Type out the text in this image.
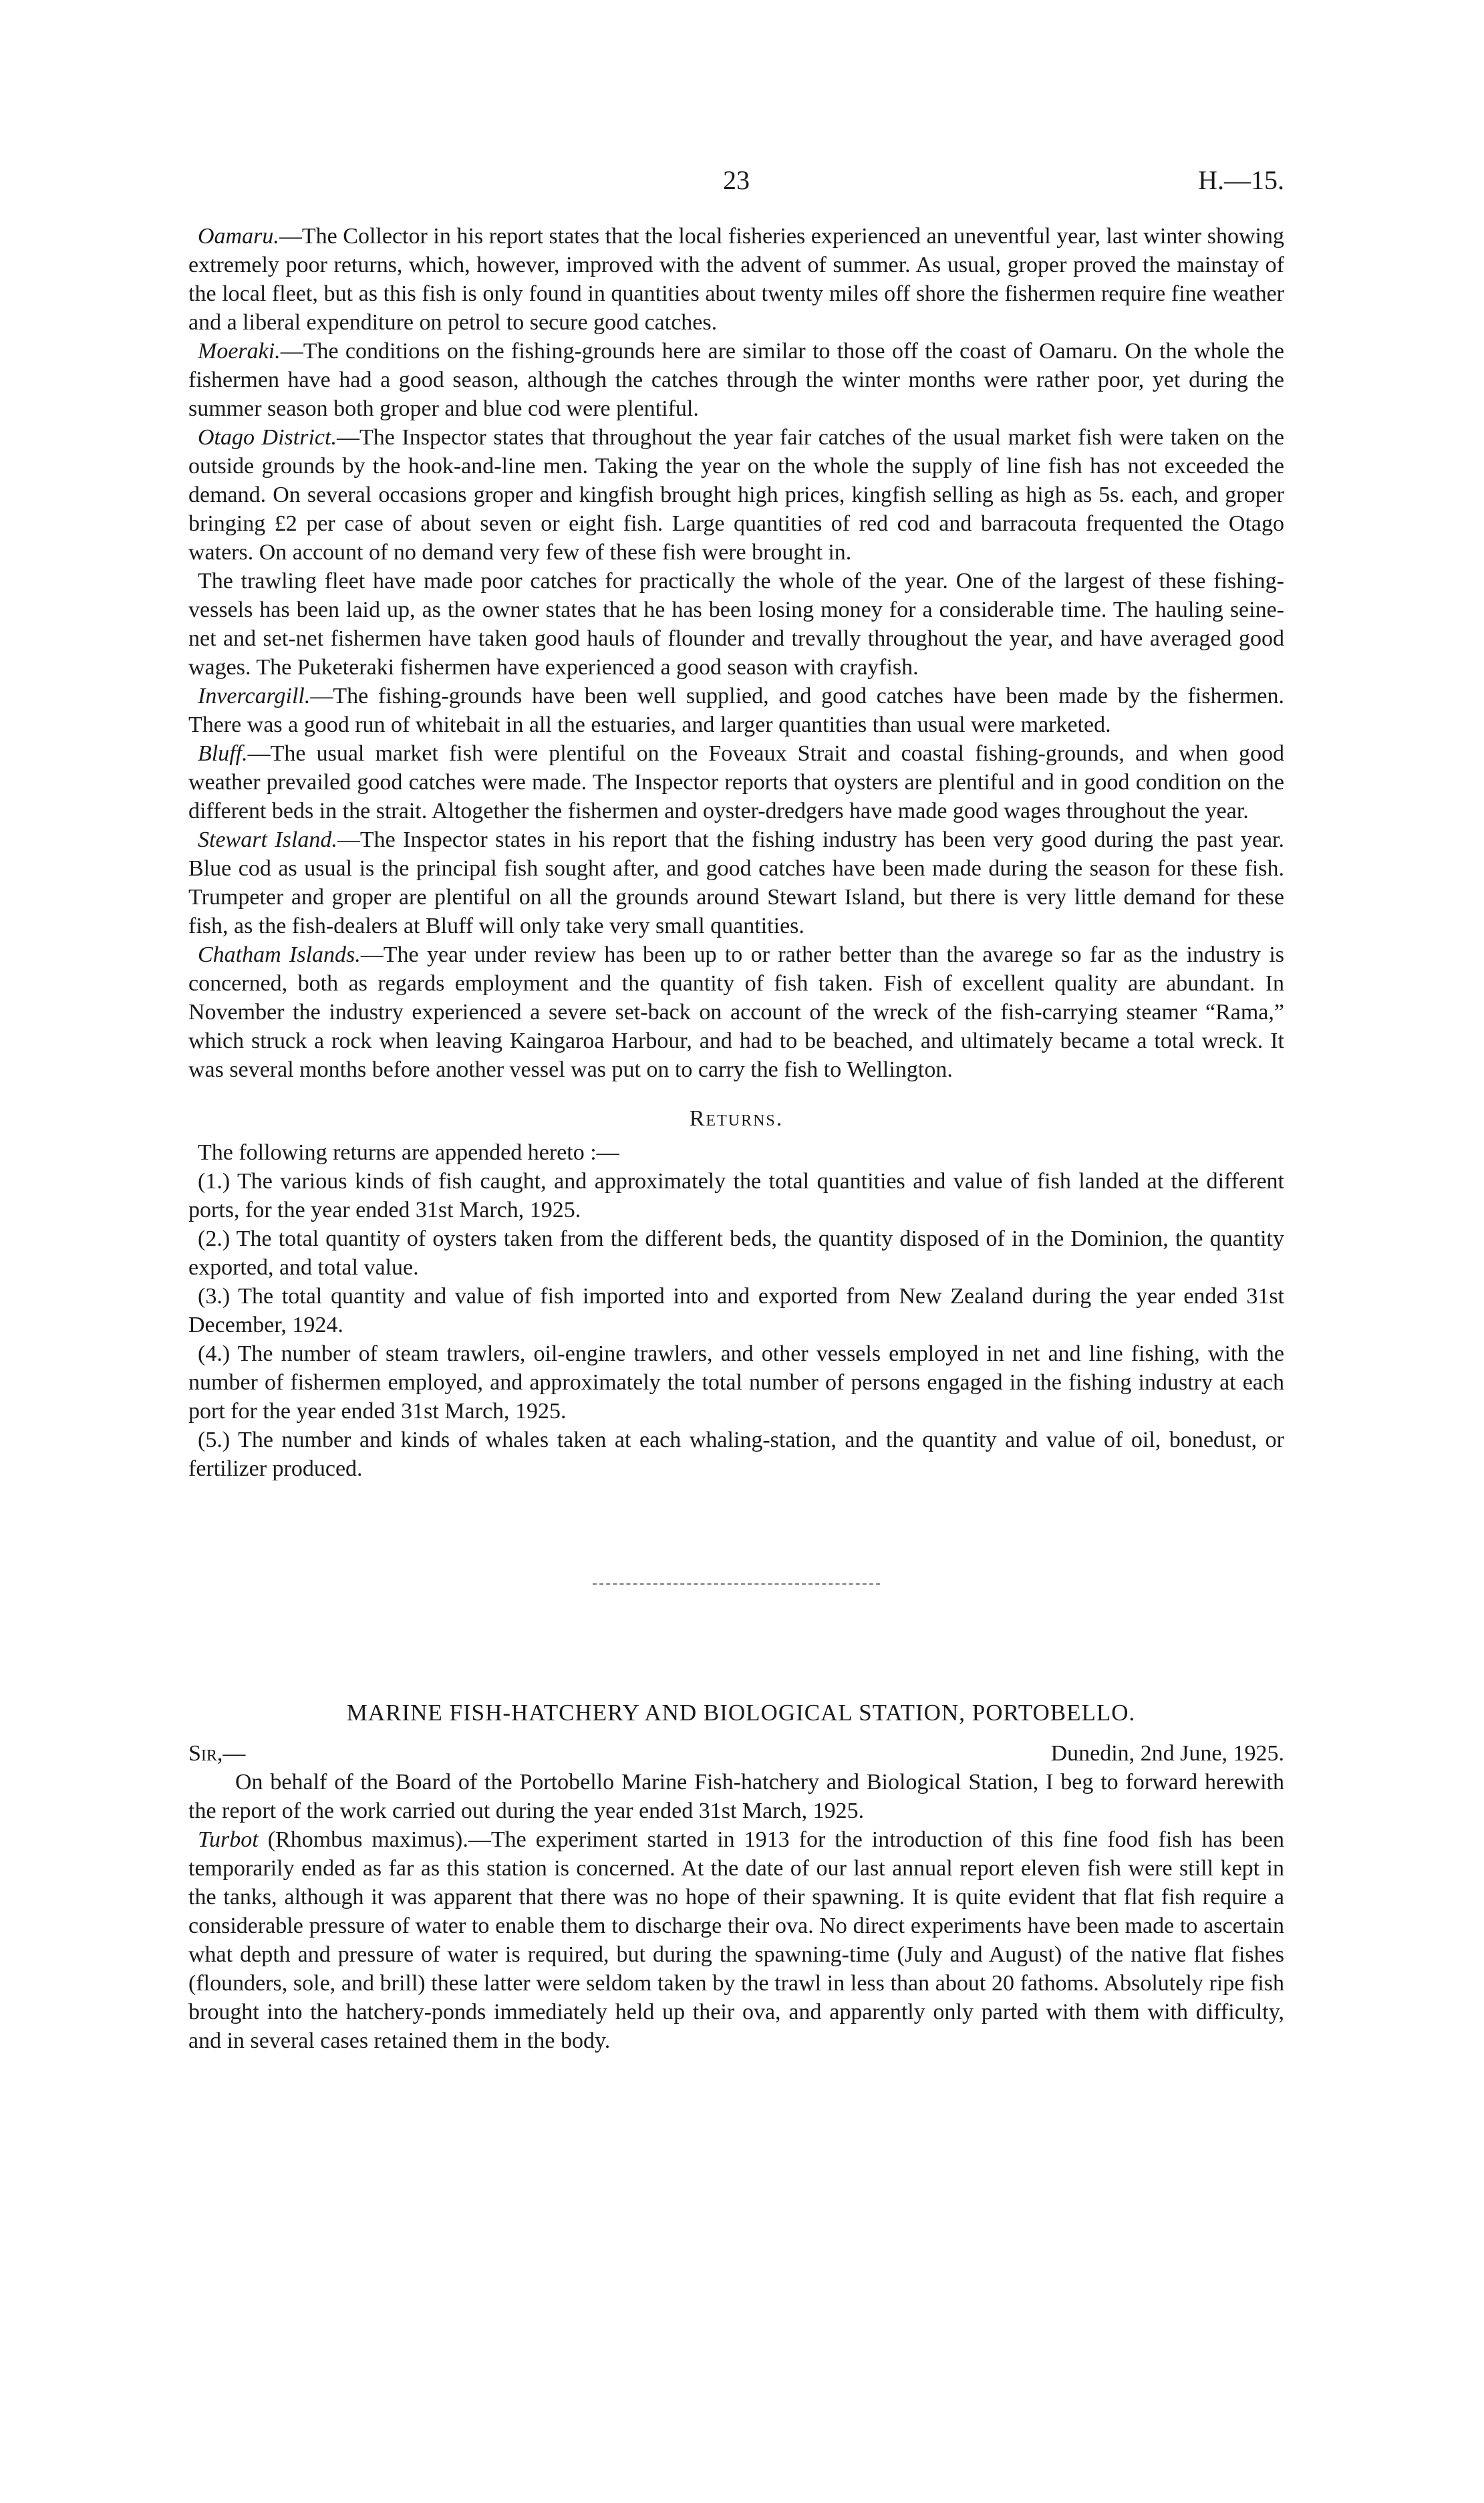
23	H.—15.

Oamaru.—The Collector in his report states that the local fisheries experienced an uneventful year, last winter showing extremely poor returns, which, however, improved with the advent of summer. As usual, groper proved the mainstay of the local fleet, but as this fish is only found in quantities about twenty miles off shore the fishermen require fine weather and a liberal expenditure on petrol to secure good catches.

Moeraki.—The conditions on the fishing-grounds here are similar to those off the coast of Oamaru. On the whole the fishermen have had a good season, although the catches through the winter months were rather poor, yet during the summer season both groper and blue cod were plentiful.

Otago District.—The Inspector states that throughout the year fair catches of the usual market fish were taken on the outside grounds by the hook-and-line men. Taking the year on the whole the supply of line fish has not exceeded the demand. On several occasions groper and kingfish brought high prices, kingfish selling as high as 5s. each, and groper bringing £2 per case of about seven or eight fish. Large quantities of red cod and barracouta frequented the Otago waters. On account of no demand very few of these fish were brought in.

The trawling fleet have made poor catches for practically the whole of the year. One of the largest of these fishing-vessels has been laid up, as the owner states that he has been losing money for a considerable time. The hauling seine-net and set-net fishermen have taken good hauls of flounder and trevally throughout the year, and have averaged good wages. The Puketeraki fishermen have experienced a good season with crayfish.

Invercargill.—The fishing-grounds have been well supplied, and good catches have been made by the fishermen. There was a good run of whitebait in all the estuaries, and larger quantities than usual were marketed.

Bluff.—The usual market fish were plentiful on the Foveaux Strait and coastal fishing-grounds, and when good weather prevailed good catches were made. The Inspector reports that oysters are plentiful and in good condition on the different beds in the strait. Altogether the fishermen and oyster-dredgers have made good wages throughout the year.

Stewart Island.—The Inspector states in his report that the fishing industry has been very good during the past year. Blue cod as usual is the principal fish sought after, and good catches have been made during the season for these fish. Trumpeter and groper are plentiful on all the grounds around Stewart Island, but there is very little demand for these fish, as the fish-dealers at Bluff will only take very small quantities.

Chatham Islands.—The year under review has been up to or rather better than the avarege so far as the industry is concerned, both as regards employment and the quantity of fish taken. Fish of excellent quality are abundant. In November the industry experienced a severe set-back on account of the wreck of the fish-carrying steamer “Rama,” which struck a rock when leaving Kaingaroa Harbour, and had to be beached, and ultimately became a total wreck. It was several months before another vessel was put on to carry the fish to Wellington.

Returns.

The following returns are appended hereto :—

(1.) The various kinds of fish caught, and approximately the total quantities and value of fish landed at the different ports, for the year ended 31st March, 1925.

(2.) The total quantity of oysters taken from the different beds, the quantity disposed of in the Dominion, the quantity exported, and total value.

(3.) The total quantity and value of fish imported into and exported from New Zealand during the year ended 31st December, 1924.

(4.) The number of steam trawlers, oil-engine trawlers, and other vessels employed in net and line fishing, with the number of fishermen employed, and approximately the total number of persons engaged in the fishing industry at each port for the year ended 31st March, 1925.

(5.) The number and kinds of whales taken at each whaling-station, and the quantity and value of oil, bonedust, or fertilizer produced.

MARINE FISH-HATCHERY AND BIOLOGICAL STATION, PORTOBELLO.

Sir,—	Dunedin, 2nd June, 1925.

On behalf of the Board of the Portobello Marine Fish-hatchery and Biological Station, I beg to forward herewith the report of the work carried out during the year ended 31st March, 1925.

Turbot (Rhombus maximus).—The experiment started in 1913 for the introduction of this fine food fish has been temporarily ended as far as this station is concerned. At the date of our last annual report eleven fish were still kept in the tanks, although it was apparent that there was no hope of their spawning. It is quite evident that flat fish require a considerable pressure of water to enable them to discharge their ova. No direct experiments have been made to ascertain what depth and pressure of water is required, but during the spawning-time (July and August) of the native flat fishes (flounders, sole, and brill) these latter were seldom taken by the trawl in less than about 20 fathoms. Absolutely ripe fish brought into the hatchery-ponds immediately held up their ova, and apparently only parted with them with difficulty, and in several cases retained them in the body.
